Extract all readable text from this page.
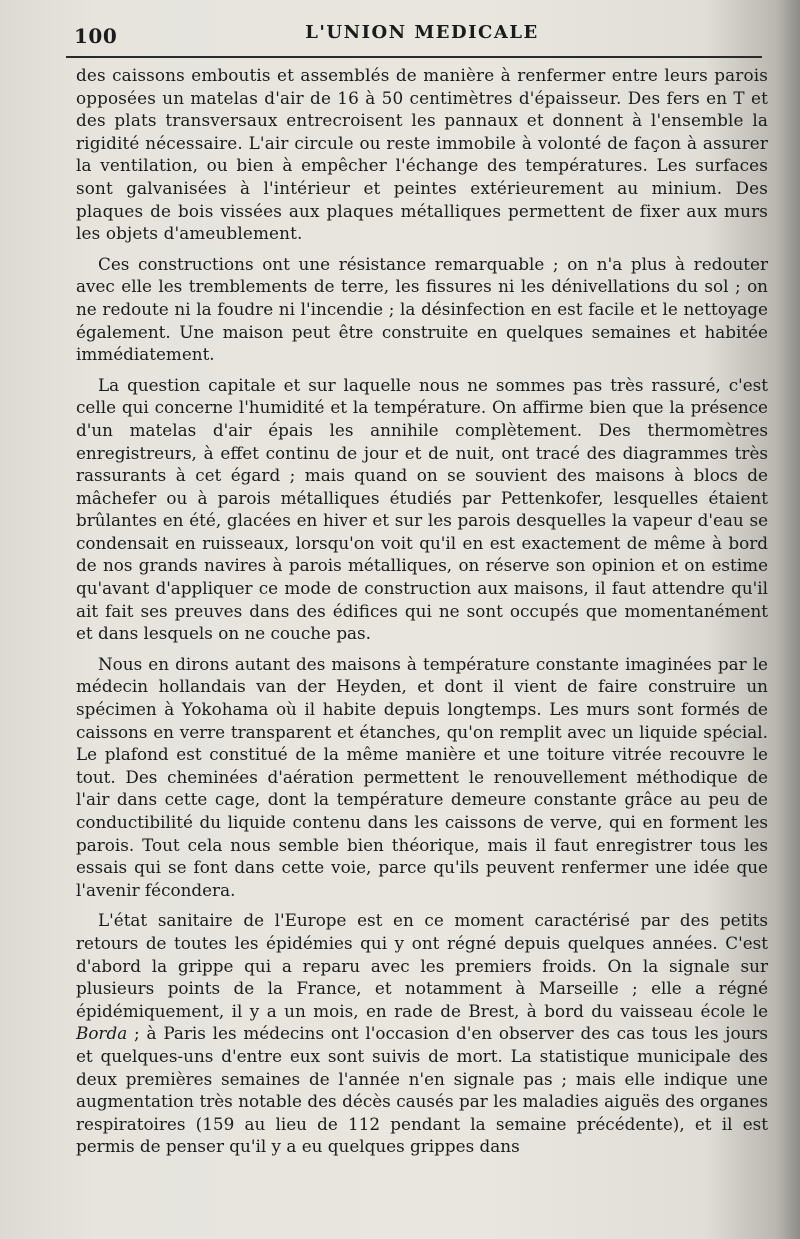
100	L'UNION MEDICALE

des caissons emboutis et assemblés de manière à renfermer entre leurs parois opposées un matelas d'air de 16 à 50 centimètres d'épaisseur. Des fers en T et des plats transversaux entrecroisent les pannaux et donnent à l'ensemble la rigidité nécessaire. L'air circule ou reste immobile à volonté de façon à assurer la ventilation, ou bien à empêcher l'échange des températures. Les surfaces sont galvanisées à l'intérieur et peintes extérieurement au minium. Des plaques de bois vissées aux plaques métalliques permettent de fixer aux murs les objets d'ameublement.

Ces constructions ont une résistance remarquable ; on n'a plus à redouter avec elle les tremblements de terre, les fissures ni les dénivellations du sol ; on ne redoute ni la foudre ni l'incendie ; la désinfection en est facile et le nettoyage également. Une maison peut être construite en quelques semaines et habitée immédiatement.

La question capitale et sur laquelle nous ne sommes pas très rassuré, c'est celle qui concerne l'humidité et la température. On affirme bien que la présence d'un matelas d'air épais les annihile complètement. Des thermomètres enregistreurs, à effet continu de jour et de nuit, ont tracé des diagrammes très rassurants à cet égard ; mais quand on se souvient des maisons à blocs de mâchefer ou à parois métalliques étudiés par Pettenkofer, lesquelles étaient brûlantes en été, glacées en hiver et sur les parois desquelles la vapeur d'eau se condensait en ruisseaux, lorsqu'on voit qu'il en est exactement de même à bord de nos grands navires à parois métalliques, on réserve son opinion et on estime qu'avant d'appliquer ce mode de construction aux maisons, il faut attendre qu'il ait fait ses preuves dans des édifices qui ne sont occupés que momentanément et dans lesquels on ne couche pas.

Nous en dirons autant des maisons à température constante imaginées par le médecin hollandais van der Heyden, et dont il vient de faire construire un spécimen à Yokohama où il habite depuis longtemps. Les murs sont formés de caissons en verre transparent et étanches, qu'on remplit avec un liquide spécial. Le plafond est constitué de la même manière et une toiture vitrée recouvre le tout. Des cheminées d'aération permettent le renouvellement méthodique de l'air dans cette cage, dont la température demeure constante grâce au peu de conductibilité du liquide contenu dans les caissons de verve, qui en forment les parois. Tout cela nous semble bien théorique, mais il faut enregistrer tous les essais qui se font dans cette voie, parce qu'ils peuvent renfermer une idée que l'avenir fécondera.

L'état sanitaire de l'Europe est en ce moment caractérisé par des petits retours de toutes les épidémies qui y ont régné depuis quelques années. C'est d'abord la grippe qui a reparu avec les premiers froids. On la signale sur plusieurs points de la France, et notamment à Marseille ; elle a régné épidémiquement, il y a un mois, en rade de Brest, à bord du vaisseau école le Borda ; à Paris les médecins ont l'occasion d'en observer des cas tous les jours et quelques-uns d'entre eux sont suivis de mort. La statistique municipale des deux premières semaines de l'année n'en signale pas ; mais elle indique une augmentation très notable des décès causés par les maladies aiguës des organes respiratoires (159 au lieu de 112 pendant la semaine précédente), et il est permis de penser qu'il y a eu quelques grippes dans
